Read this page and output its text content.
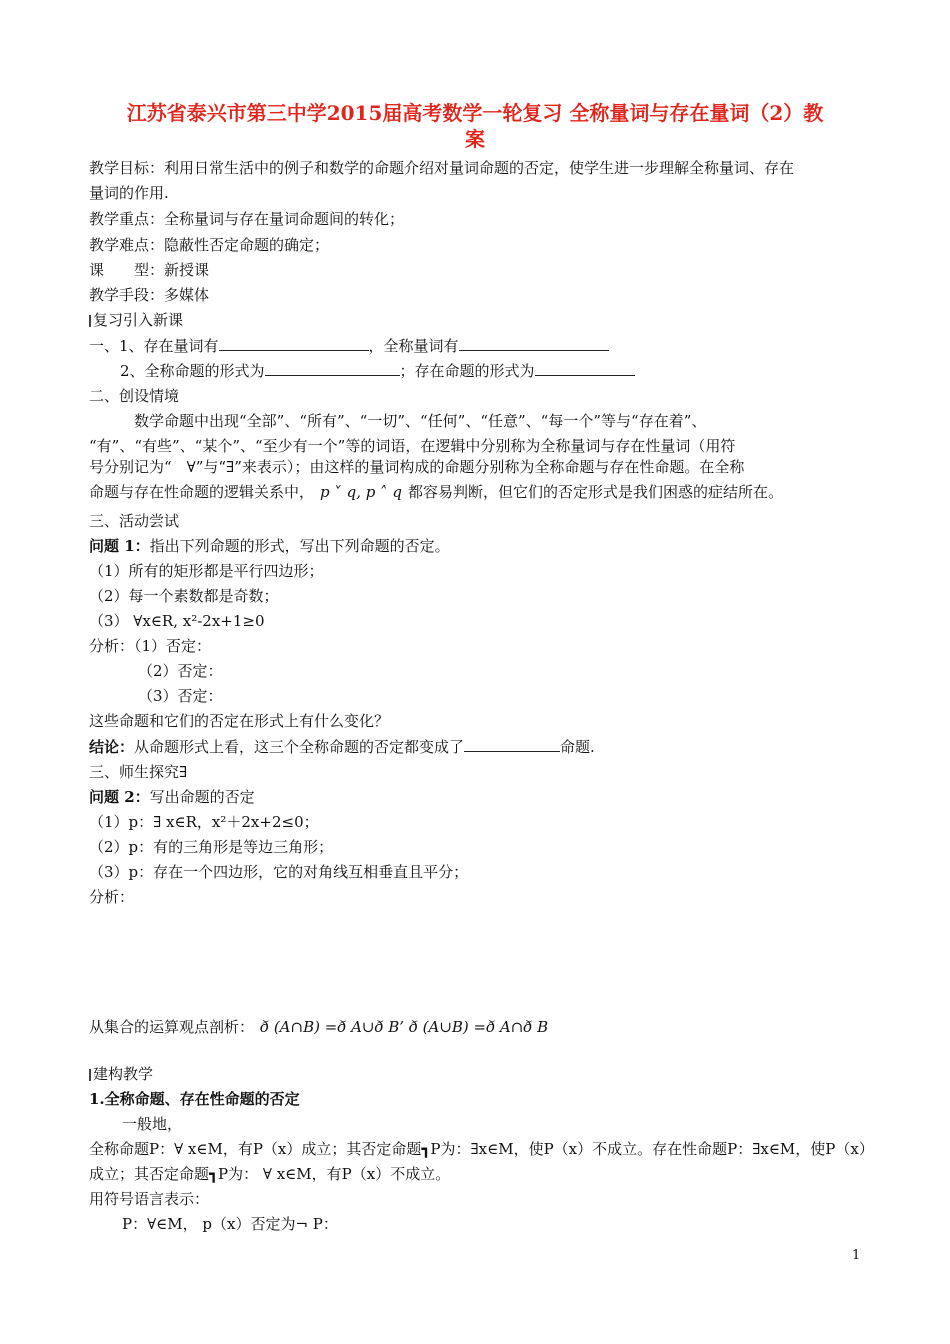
江苏省泰兴市第三中学2015届高考数学一轮复习 全称量词与存在量词（2）教
案
教学目标：利用日常生活中的例子和数学的命题介绍对量词命题的否定，使学生进一步理解全称量词、存在
量词的作用.
教学重点：全称量词与存在量词命题间的转化；
教学难点：隐蔽性否定命题的确定；
课　　型：新授课
教学手段：多媒体
复习引入新课
一、1、存在量词有	，全称量词有
2、全称命题的形式为	；存在命题的形式为
二、创设情境
数学命题中出现“全部”、“所有”、“一切”、“任何”、“任意”、“每一个”等与“存在着”、
“有”、“有些”、“某个”、“至少有一个”等的词语，在逻辑中分别称为全称量词与存在性量词（用符
号分别记为“　∀”与“∃”来表示）；由这样的量词构成的命题分别称为全称命题与存在性命题。在全称
命题与存在性命题的逻辑关系中， p ˅ q, p ˄ q 都容易判断，但它们的否定形式是我们困惑的症结所在。
三、活动尝试
问题 1：指出下列命题的形式，写出下列命题的否定。
（1）所有的矩形都是平行四边形；
（2）每一个素数都是奇数；
（3） ∀x∈R, x²-2x+1≥0
分析：（1）否定：
（2）否定：
（3）否定：
这些命题和它们的否定在形式上有什么变化？
结论：从命题形式上看，这三个全称命题的否定都变成了	命题.
三、师生探究∃
问题 2：写出命题的否定
（1）p：∃ x∈R，x²＋2x+2≤0；
（2）p：有的三角形是等边三角形；
（3）p：存在一个四边形，它的对角线互相垂直且平分；
分析：
从集合的运算观点剖析： ð (A∩B) =ð A∪ð B’ ð (A∪B) =ð A∩ð B
建构教学
1.全称命题、存在性命题的否定
一般地，
全称命题P：∀ x∈M，有P（x）成立；其否定命题┓P为：∃x∈M，使P（x）不成立。存在性命题P：∃x∈M，使P（x）
成立；其否定命题┓P为： ∀ x∈M，有P（x）不成立。
用符号语言表示：
P：∀∈M， p（x）否定为¬ P：
1
